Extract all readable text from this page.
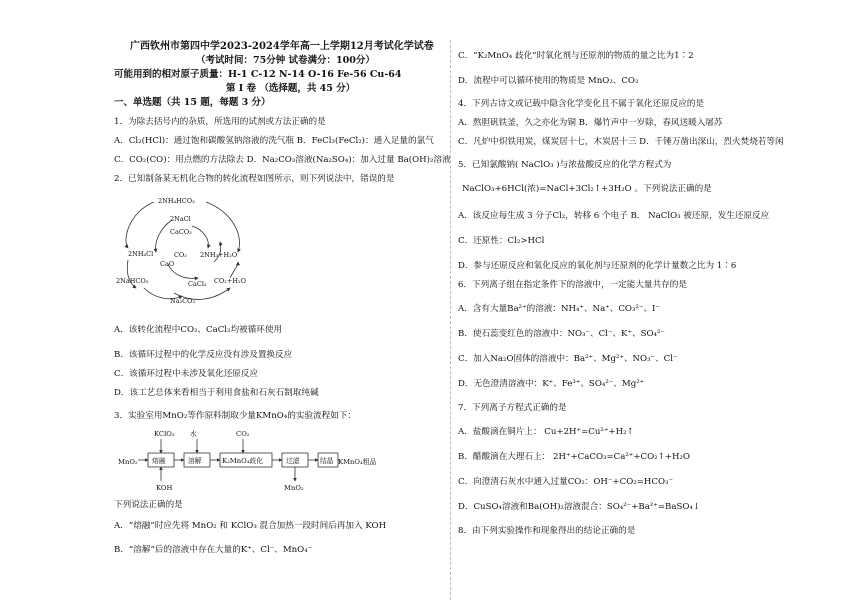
广西钦州市第四中学2023-2024学年高一上学期12月考试化学试卷
（考试时间：75分钟 试卷满分：100分）
可能用到的相对原子质量：H-1 C-12 N-14 O-16 Fe-56 Cu-64
第 I 卷 （选择题，共 45 分）
一、单选题（共 15 题，每题 3 分）
1．为除去括号内的杂质，所选用的试剂或方法正确的是
A．Cl₂(HCl)：通过饱和碳酸氢钠溶液的洗气瓶 B．FeCl₃(FeCl₂)：通入足量的氯气
C．CO₂(CO)：用点燃的方法除去 D．Na₂CO₃溶液(Na₂SO₄)：加入过量 Ba(OH)₂溶液
2．已知制备某无机化合物的转化流程如图所示，则下列说法中，错误的是
2NH₄HCO₃
2NaCl
CaCO₃
2NH₄Cl	CO₂
CaO
2NH₃+H₂O
2NaHCO₃	CaCl₂ CO₂+H₂O
Na₂CO₃
A．该转化流程中CO₂、CaCl₂均被循环使用
B．该循环过程中的化学反应没有涉及置换反应
C．该循环过程中未涉及氧化还原反应
D．该工艺总体来看相当于利用食盐和石灰石制取纯碱
3．实验室用MnO₂等作原料制取少量KMnO₄的实验流程如下：
MnO₂
KClO₃
KOH
水	CO₂
MnO₂
KMnO₄粗品
熔融	溶解	K₂MnO₄歧化	过滤	结晶
下列说法正确的是
A．“熔融”时应先将 MnO₂ 和 KClO₃ 混合加热一段时间后再加入 KOH
B．“溶解”后的溶液中存在大量的K⁺、Cl⁻、MnO₄⁻
C．“K₂MnO₄ 歧化”时氧化剂与还原剂的物质的量之比为1∶2
D．流程中可以循环使用的物质是 MnO₂、CO₂
4．下列古诗文或记载中隐含化学变化且不属于氧化还原反应的是
A．熬胆矾铁釜，久之亦化为铜 B．爆竹声中一岁除，春风送暖入屠苏
C．凡炉中炽铁用炭，煤炭居十七，木炭居十三 D．千锤万凿出深山，烈火焚烧若等闲
5．已知氯酸钠( NaClO₃ )与浓盐酸反应的化学方程式为
NaClO₃+6HCl(浓)=NaCl+3Cl₂↑+3H₂O 。下列说法正确的是
A．该反应每生成 3 分子Cl₂，转移 6 个电子 B． NaClO₃ 被还原，发生还原反应
C．还原性：Cl₂>HCl
D．参与还原反应和氧化反应的氧化剂与还原剂的化学计量数之比为 1∶6
6．下列离子组在指定条件下的溶液中，一定能大量共存的是
A．含有大量Ba²⁺的溶液：NH₄⁺、Na⁺、CO₃²⁻、I⁻
B．使石蕊变红色的溶液中：NO₃⁻、Cl⁻、K⁺、SO₄²⁻
C．加入Na₂O固体的溶液中：Ba²⁺、Mg²⁺、NO₃⁻、Cl⁻
D．无色澄清溶液中：K⁺、Fe³⁺、SO₄²⁻、Mg²⁺
7．下列离子方程式正确的是
A．盐酸滴在铜片上： Cu+2H⁺=Cu²⁺+H₂↑
B．醋酸滴在大理石上： 2H⁺+CaCO₃=Ca²⁺+CO₂↑+H₂O
C．向澄清石灰水中通入过量CO₂：OH⁻+CO₂=HCO₃⁻
D．CuSO₄溶液和Ba(OH)₂溶液混合：SO₄²⁻+Ba²⁺=BaSO₄↓
8．由下列实验操作和现象得出的结论正确的是
